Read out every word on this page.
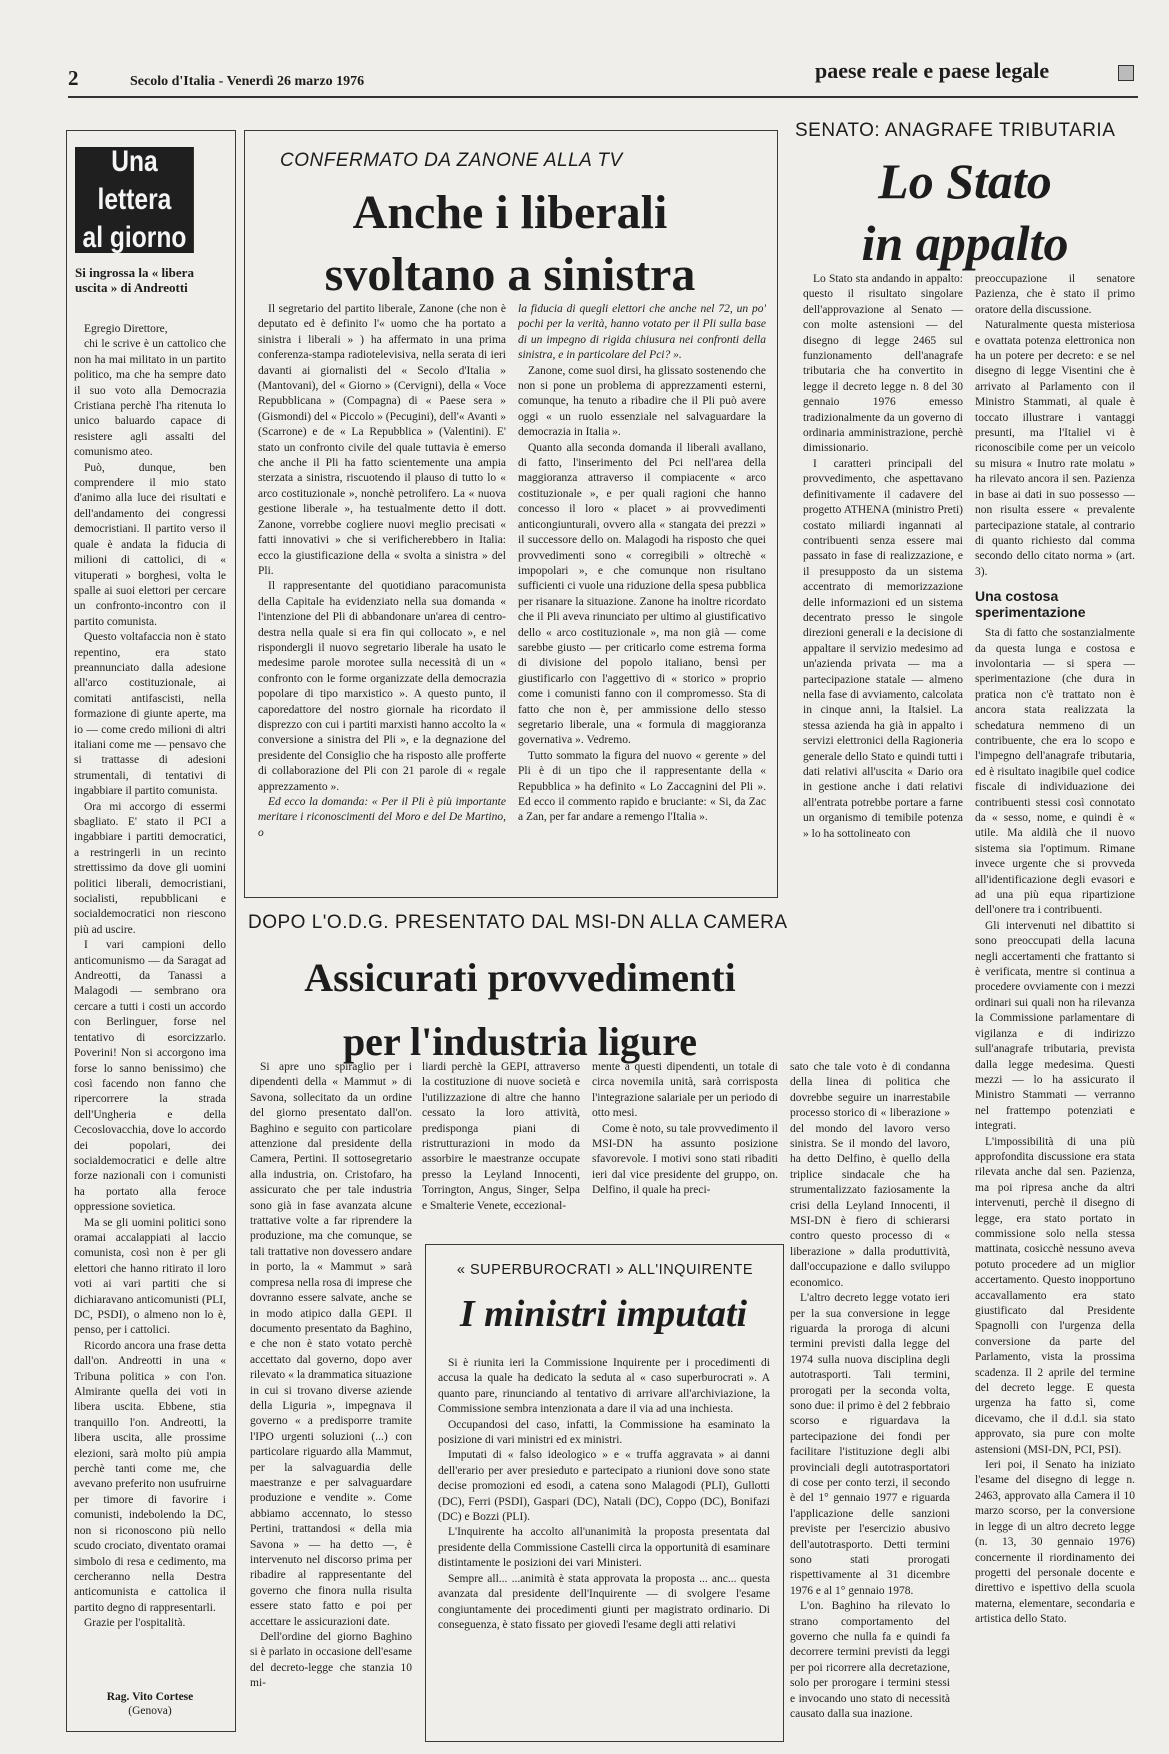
2	Secolo d'Italia - Venerdì 26 marzo 1976	paese reale e paese legale
Una lettera
al giorno
Si ingrossa la « libera uscita » di Andreotti

Egregio Direttore,

chi le scrive è un cattolico che non ha mai militato in un partito politico, ma che ha sempre dato il suo voto alla Democrazia Cristiana perchè l'ha ritenuta lo unico baluardo capace di resistere agli assalti del comunismo ateo.

Può, dunque, ben comprendere il mio stato d'animo alla luce dei risultati e dell'andamento dei congressi democristiani. Il partito verso il quale è andata la fiducia di milioni di cattolici, di « vituperati » borghesi, volta le spalle ai suoi elettori per cercare un confronto-incontro con il partito comunista.

Questo voltafaccia non è stato repentino, era stato preannunciato dalla adesione all'arco costituzionale, ai comitati antifascisti, nella formazione di giunte aperte, ma io — come credo milioni di altri italiani come me — pensavo che si trattasse di adesioni strumentali, di tentativi di ingabbiare il partito comunista.

Ora mi accorgo di essermi sbagliato. E' stato il PCI a ingabbiare i partiti democratici, a restringerli in un recinto strettissimo da dove gli uomini politici liberali, democristiani, socialisti, repubblicani e socialdemocratici non riescono più ad uscire.

I vari campioni dello anticomunismo — da Saragat ad Andreotti, da Tanassi a Malagodi — sembrano ora cercare a tutti i costi un accordo con Berlinguer, forse nel tentativo di esorcizzarlo. Poverini! Non si accorgono ima forse lo sanno benissimo) che così facendo non fanno che ripercorrere la strada dell'Ungheria e della Cecoslovacchia, dove lo accordo dei popolari, dei socialdemocratici e delle altre forze nazionali con i comunisti ha portato alla feroce oppressione sovietica.

Ma se gli uomini politici sono oramai accalappiati al laccio comunista, così non è per gli elettori che hanno ritirato il loro voti ai vari partiti che si dichiaravano anticomunisti (PLI, DC, PSDI), o almeno non lo è, penso, per i cattolici.

Ricordo ancora una frase detta dall'on. Andreotti in una « Tribuna politica » con l'on. Almirante quella dei voti in libera uscita. Ebbene, stia tranquillo l'on. Andreotti, la libera uscita, alle prossime elezioni, sarà molto più ampia perchè tanti come me, che avevano preferito non usufruirne per timore di favorire i comunisti, indebolendo la DC, non si riconoscono più nello scudo crociato, diventato oramai simbolo di resa e cedimento, ma cercheranno nella Destra anticomunista e cattolica il partito degno di rappresentarli.

Grazie per l'ospitalità.

Rag. Vito Cortese
(Genova)
CONFERMATO DA ZANONE ALLA TV
Anche i liberali
svoltano a sinistra

Il segretario del partito liberale, Zanone (che non è deputato ed è definito l'« uomo che ha portato a sinistra i liberali » ) ha affermato in una prima conferenza-stampa radiotelevisiva, nella serata di ieri davanti ai giornalisti del « Secolo d'Italia » (Mantovani), del « Giorno » (Cervigni), della « Voce Repubblicana » (Compagna) di « Paese sera » (Gismondi) del « Piccolo » (Pecugini), dell'« Avanti » (Scarrone) e de « La Repubblica » (Valentini). E' stato un confronto civile del quale tuttavia è emerso che anche il Pli ha fatto scientemente una ampia sterzata a sinistra, riscuotendo il plauso di tutto lo « arco costituzionale », nonchè petrolifero. La « nuova gestione liberale », ha testualmente detto il dott. Zanone, vorrebbe cogliere nuovi meglio precisati « fatti innovativi » che si verificherebbero in Italia: ecco la giustificazione della « svolta a sinistra » del Pli.

Il rappresentante del quotidiano paracomunista della Capitale ha evidenziato nella sua domanda « l'intenzione del Pli di abbandonare un'area di centro-destra nella quale si era fin qui collocato », e nel rispondergli il nuovo segretario liberale ha usato le medesime parole morotee sulla necessità di un « confronto con le forme organizzate della democrazia popolare di tipo marxistico ». A questo punto, il caporedattore del nostro giornale ha ricordato il disprezzo con cui i partiti marxisti hanno accolto la « conversione a sinistra del Pli », e la degnazione del presidente del Consiglio che ha risposto alle profferte di collaborazione del Pli con 21 parole di « regale apprezzamento ».

Ed ecco la domanda: « Per il Pli è più importante meritare i riconoscimenti del Moro e del De Martino, o

la fiducia di quegli elettori che anche nel 72, un po' pochi per la verità, hanno votato per il Pli sulla base di un impegno di rigida chiusura nei confronti della sinistra, e in particolare del Pci? ».

Zanone, come suol dirsi, ha glissato sostenendo che non si pone un problema di apprezzamenti esterni, comunque, ha tenuto a ribadire che il Pli può avere oggi « un ruolo essenziale nel salvaguardare la democrazia in Italia ».

Quanto alla seconda domanda il liberali avallano, di fatto, l'inserimento del Pci nell'area della maggioranza attraverso il compiacente « arco costituzionale », e per quali ragioni che hanno concesso il loro « placet » ai provvedimenti anticongiunturali, ovvero alla « stangata dei prezzi » il successore dello on. Malagodi ha risposto che quei provvedimenti sono « corregibili » oltrechè « impopolari », e che comunque non risultano sufficienti ci vuole una riduzione della spesa pubblica per risanare la situazione. Zanone ha inoltre ricordato che il Pli aveva rinunciato per ultimo al giustificativo dello « arco costituzionale », ma non già — come sarebbe giusto — per criticarlo come estrema forma di divisione del popolo italiano, bensì per giustificarlo con l'aggettivo di « storico » proprio come i comunisti fanno con il compromesso. Sta di fatto che non è, per ammissione dello stesso segretario liberale, una « formula di maggioranza governativa ». Vedremo.

Tutto sommato la figura del nuovo « gerente » del Pli è di un tipo che il rappresentante della « Repubblica » ha definito « Lo Zaccagnini del Pli ». Ed ecco il commento rapido e bruciante: « Si, da Zac a Zan, per far andare a remengo l'Italia ».

SENATO: ANAGRAFE TRIBUTARIA
Lo Stato
in appalto

Lo Stato sta andando in appalto: questo il risultato singolare dell'approvazione al Senato — con molte astensioni — del disegno di legge 2465 sul funzionamento dell'anagrafe tributaria che ha convertito in legge il decreto legge n. 8 del 30 gennaio 1976 emesso tradizionalmente da un governo di ordinaria amministrazione, perchè dimissionario.

I caratteri principali del provvedimento, che aspettavano definitivamente il cadavere del progetto ATHENA (ministro Preti) costato miliardi ingannati al contribuenti senza essere mai passato in fase di realizzazione, e il presupposto da un sistema accentrato di memorizzazione delle informazioni ed un sistema decentrato presso le singole direzioni generali e la decisione di appaltare il servizio medesimo ad un'azienda privata — ma a partecipazione statale — almeno nella fase di avviamento, calcolata in cinque anni, la Italsiel. La stessa azienda ha già in appalto i servizi elettronici della Ragioneria generale dello Stato e quindi tutti i dati relativi all'uscita « Dario ora in gestione anche i dati relativi all'entrata potrebbe portare a farne un organismo di temibile potenza » lo ha sottolineato con

preoccupazione il senatore Pazienza, che è stato il primo oratore della discussione.

Naturalmente questa misteriosa e ovattata potenza elettronica non ha un potere per decreto: e se nel disegno di legge Visentini che è arrivato al Parlamento con il Ministro Stammati, al quale è toccato illustrare i vantaggi presunti, ma l'Italiel vi è riconoscibile come per un veicolo su misura « Inutro rate molatu » ha rilevato ancora il sen. Pazienza in base ai dati in suo possesso — non risulta essere « prevalente partecipazione statale, al contrario di quanto richiesto dal comma secondo dello citato norma » (art. 3).

Una costosa sperimentazione

Sta di fatto che sostanzialmente da questa lunga e costosa e involontaria — si spera — sperimentazione (che dura in pratica non c'è trattato non è ancora stata realizzata la schedatura nemmeno di un contribuente, che era lo scopo e l'impegno dell'anagrafe tributaria, ed è risultato inagibile quel codice fiscale di individuazione dei contribuenti stessi così connotato da « sesso, nome, e quindi è « utile. Ma aldilà che il nuovo sistema sia l'optimum. Rimane invece urgente che si provveda all'identificazione degli evasori e ad una più equa ripartizione dell'onere tra i contribuenti.

Gli intervenuti nel dibattito si sono preoccupati della lacuna negli accertamenti che frattanto si è verificata, mentre si continua a procedere ovviamente con i mezzi ordinari sui quali non ha rilevanza la Commissione parlamentare di vigilanza e di indirizzo sull'anagrafe tributaria, prevista dalla legge medesima. Questi mezzi — lo ha assicurato il Ministro Stammati — verranno nel frattempo potenziati e integrati.

L'impossibilità di una più approfondita discussione era stata rilevata anche dal sen. Pazienza, ma poi ripresa anche da altri intervenuti, perchè il disegno di legge, era stato portato in commissione solo nella stessa mattinata, cosicchè nessuno aveva potuto procedere ad un miglior accertamento. Questo inopportuno accavallamento era stato giustificato dal Presidente Spagnolli con l'urgenza della conversione da parte del Parlamento, vista la prossima scadenza. Il 2 aprile del termine del decreto legge. E questa urgenza ha fatto sì, come dicevamo, che il d.d.l. sia stato approvato, sia pure con molte astensioni (MSI-DN, PCI, PSI).

Ieri poi, il Senato ha iniziato l'esame del disegno di legge n. 2463, approvato alla Camera il 10 marzo scorso, per la conversione in legge di un altro decreto legge (n. 13, 30 gennaio 1976) concernente il riordinamento dei progetti del personale docente e direttivo e ispettivo della scuola materna, elementare, secondaria e artistica dello Stato.

DOPO L'O.D.G. PRESENTATO DAL MSI-DN ALLA CAMERA
Assicurati provvedimenti
per l'industria ligure

Si apre uno spiraglio per i dipendenti della « Mammut » di Savona, sollecitato da un ordine del giorno presentato dall'on. Baghino e seguito con particolare attenzione dal presidente della Camera, Pertini. Il sottosegretario alla industria, on. Cristofaro, ha assicurato che per tale industria sono già in fase avanzata alcune trattative volte a far riprendere la produzione, ma che comunque, se tali trattative non dovessero andare in porto, la « Mammut » sarà compresa nella rosa di imprese che dovranno essere salvate, anche se in modo atipico dalla GEPI. Il documento presentato da Baghino, e che non è stato votato perchè accettato dal governo, dopo aver rilevato « la drammatica situazione in cui si trovano diverse aziende della Liguria », impegnava il governo « a predisporre tramite l'IPO urgenti soluzioni (...) con particolare riguardo alla Mammut, per la salvaguardia delle maestranze e per salvaguardare produzione e vendite ». Come abbiamo accennato, lo stesso Pertini, trattandosi « della mia Savona » — ha detto —, è intervenuto nel discorso prima per ribadire al rappresentante del governo che finora nulla risulta essere stato fatto e poi per accettare le assicurazioni date.

Dell'ordine del giorno Baghino si è parlato in occasione dell'esame del decreto-legge che stanzia 10 mi-

liardi perchè la GEPI, attraverso la costituzione di nuove società e l'utilizzazione di altre che hanno cessato la loro attività, predisponga piani di ristrutturazioni in modo da assorbire le maestranze occupate presso la Leyland Innocenti, Torrington, Angus, Singer, Selpa e Smalterie Venete, eccezional-

mente a questi dipendenti, un totale di circa novemila unità, sarà corrisposta l'integrazione salariale per un periodo di otto mesi.

Come è noto, su tale provvedimento il MSI-DN ha assunto posizione sfavorevole. I motivi sono stati ribaditi ieri dal vice presidente del gruppo, on. Delfino, il quale ha preci-

sato che tale voto è di condanna della linea di politica che dovrebbe seguire un inarrestabile processo storico di « liberazione » del mondo del lavoro verso sinistra. Se il mondo del lavoro, ha detto Delfino, è quello della triplice sindacale che ha strumentalizzato faziosamente la crisi della Leyland Innocenti, il MSI-DN è fiero di schierarsi contro questo processo di « liberazione » dalla produttività, dall'occupazione e dallo sviluppo economico.

L'altro decreto legge votato ieri per la sua conversione in legge riguarda la proroga di alcuni termini previsti dalla legge del 1974 sulla nuova disciplina degli autotrasporti. Tali termini, prorogati per la seconda volta, sono due: il primo è del 2 febbraio scorso e riguardava la partecipazione dei fondi per facilitare l'istituzione degli albi provinciali degli autotrasportatori di cose per conto terzi, il secondo è del 1° gennaio 1977 e riguarda l'applicazione delle sanzioni previste per l'esercizio abusivo dell'autotrasporto. Detti termini sono stati prorogati rispettivamente al 31 dicembre 1976 e al 1° gennaio 1978.

L'on. Baghino ha rilevato lo strano comportamento del governo che nulla fa e quindi fa decorrere termini previsti da leggi per poi ricorrere alla decretazione, solo per prorogare i termini stessi e invocando uno stato di necessità causato dalla sua inazione.

« SUPERBUROCRATI » ALL'INQUIRENTE
I ministri imputati

Si è riunita ieri la Commissione Inquirente per i procedimenti di accusa la quale ha dedicato la seduta al « caso superburocrati ». A quanto pare, rinunciando al tentativo di arrivare all'archiviazione, la Commissione sembra intenzionata a dare il via ad una inchiesta.

Occupandosi del caso, infatti, la Commissione ha esaminato la posizione di vari ministri ed ex ministri.

Imputati di « falso ideologico » e « truffa aggravata » ai danni dell'erario per aver presieduto e partecipato a riunioni dove sono state decise promozioni ed esodi, a catena sono Malagodi (PLI), Gullotti (DC), Ferri (PSDI), Gaspari (DC), Natali (DC), Coppo (DC), Bonifazi (DC) e Bozzi (PLI).

L'Inquirente ha accolto all'unanimità la proposta presentata dal presidente della Commissione Castelli circa la opportunità di esaminare distintamente le posizioni dei vari Ministeri.

Sempre all... ...animità è stata approvata la proposta ... anc... questa avanzata dal presidente dell'Inquirente — di svolgere l'esame congiuntamente dei procedimenti giunti per magistrato ordinario. Di conseguenza, è stato fissato per giovedì l'esame degli atti relativi
